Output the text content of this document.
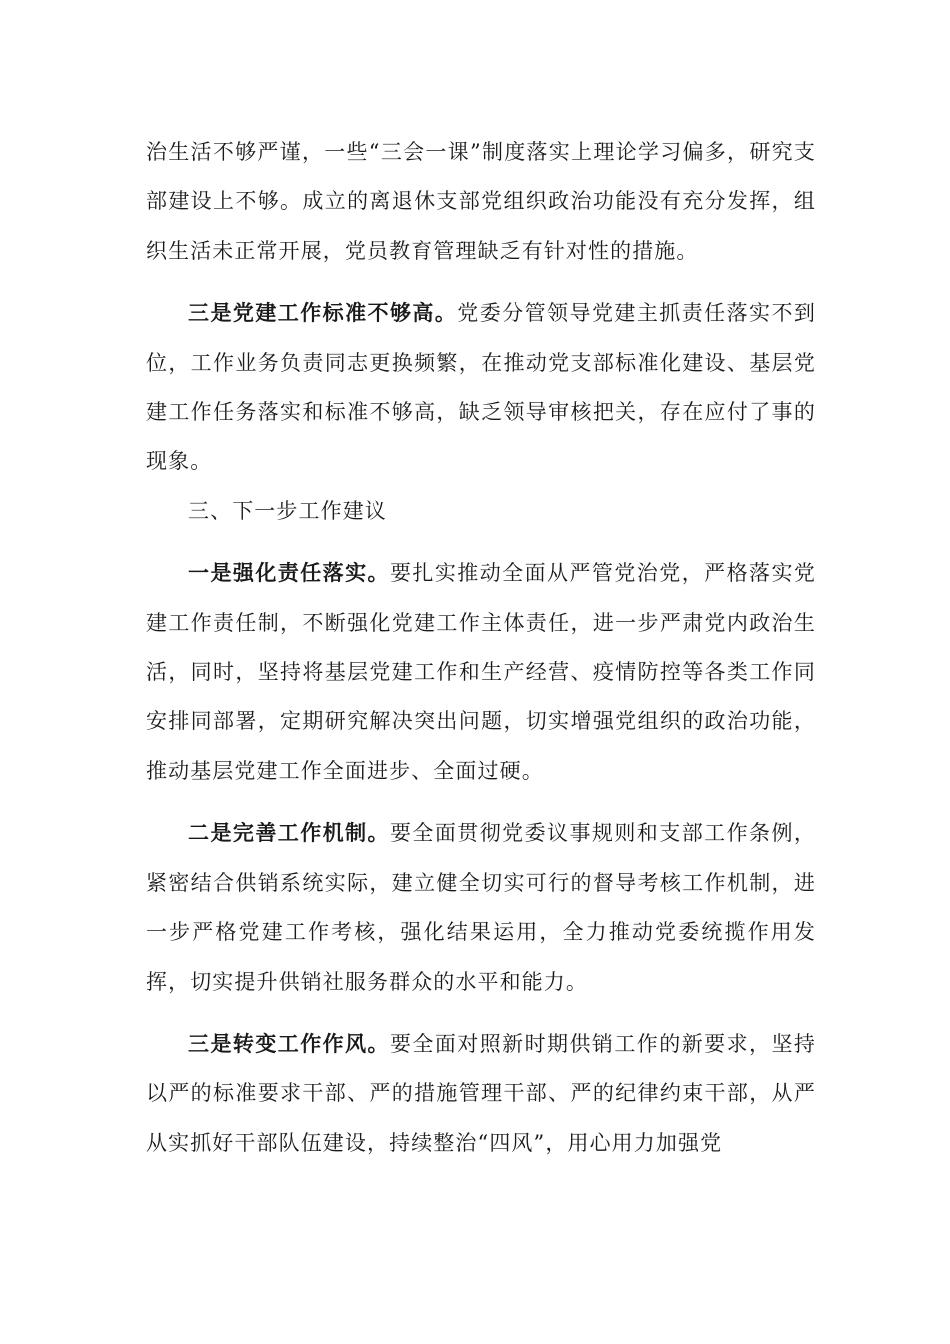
治生活不够严谨，一些“三会一课”制度落实上理论学习偏多，研究支部建设上不够。成立的离退休支部党组织政治功能没有充分发挥，组织生活未正常开展，党员教育管理缺乏有针对性的措施。

三是党建工作标准不够高。党委分管领导党建主抓责任落实不到位，工作业务负责同志更换频繁，在推动党支部标准化建设、基层党建工作任务落实和标准不够高，缺乏领导审核把关，存在应付了事的现象。

三、下一步工作建议

一是强化责任落实。要扎实推动全面从严管党治党，严格落实党建工作责任制，不断强化党建工作主体责任，进一步严肃党内政治生活，同时，坚持将基层党建工作和生产经营、疫情防控等各类工作同安排同部署，定期研究解决突出问题，切实增强党组织的政治功能，推动基层党建工作全面进步、全面过硬。

二是完善工作机制。要全面贯彻党委议事规则和支部工作条例，紧密结合供销系统实际，建立健全切实可行的督导考核工作机制，进一步严格党建工作考核，强化结果运用，全力推动党委统揽作用发挥，切实提升供销社服务群众的水平和能力。

三是转变工作作风。要全面对照新时期供销工作的新要求，坚持以严的标准要求干部、严的措施管理干部、严的纪律约束干部，从严从实抓好干部队伍建设，持续整治“四风”，用心用力加强党
